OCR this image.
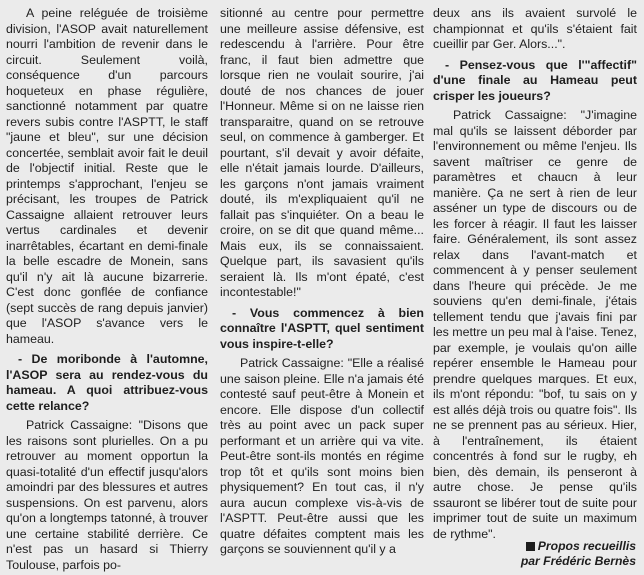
A peine reléguée de troisième division, l'ASOP avait naturellement nourri l'ambition de revenir dans le circuit. Seulement voilà, conséquence d'un parcours hoqueteux en phase régulière, sanctionné notamment par quatre revers subis contre l'ASPTT, le staff "jaune et bleu", sur une décision concertée, semblait avoir fait le deuil de l'objectif initial. Reste que le printemps s'approchant, l'enjeu se précisant, les troupes de Patrick Cassaigne allaient retrouver leurs vertus cardinales et devenir inarrêtables, écartant en demi-finale la belle escadre de Monein, sans qu'il n'y ait là aucune bizarrerie. C'est donc gonflée de confiance (sept succès de rang depuis janvier) que l'ASOP s'avance vers le hameau.

- De moribonde à l'automne, l'ASOP sera au rendez-vous du hameau. A quoi attribuez-vous cette relance?

Patrick Cassaigne: "Disons que les raisons sont plurielles. On a pu retrouver au moment opportun la quasi-totalité d'un effectif jusqu'alors amoindri par des blessures et autres suspensions. On est parvenu, alors qu'on a longtemps tatonné, à trouver une certaine stabilité derrière. Ce n'est pas un hasard si Thierry Toulouse, parfois po-

sitionné au centre pour permettre une meilleure assise défensive, est redescendu à l'arrière. Pour être franc, il faut bien admettre que lorsque rien ne voulait sourire, j'ai douté de nos chances de jouer l'Honneur. Même si on ne laisse rien transparaitre, quand on se retrouve seul, on commence à gamberger. Et pourtant, s'il devait y avoir défaite, elle n'était jamais lourde. D'ailleurs, les garçons n'ont jamais vraiment douté, ils m'expliquaient qu'il ne fallait pas s'inquiéter. On a beau le croire, on se dit que quand même... Mais eux, ils se connaissaient. Quelque part, ils savasient qu'ils seraient là. Ils m'ont épaté, c'est incontestable!"

- Vous commencez à bien connaître l'ASPTT, quel sentiment vous inspire-t-elle?

Patrick Cassaigne: "Elle a réalisé une saison pleine. Elle n'a jamais été contesté sauf peut-être à Monein et encore. Elle dispose d'un collectif très au point avec un pack super performant et un arrière qui va vite. Peut-être sont-ils montés en régime trop tôt et qu'ils sont moins bien physiquement? En tout cas, il n'y aura aucun complexe vis-à-vis de l'ASPTT. Peut-être aussi que les quatre défaites comptent mais les garçons se souviennent qu'il y a

deux ans ils avaient survolé le championnat et qu'ils s'étaient fait cueillir par Ger. Alors...".

- Pensez-vous que l'"affectif" d'une finale au Hameau peut crisper les joueurs?

Patrick Cassaigne: "J'imagine mal qu'ils se laissent déborder par l'environnement ou même l'enjeu. Ils savent maîtriser ce genre de paramètres et chaucn à leur manière. Ça ne sert à rien de leur asséner un type de discours ou de les forcer à réagir. Il faut les laisser faire. Généralement, ils sont assez relax dans l'avant-match et commencent à y penser seulement dans l'heure qui précède. Je me souviens qu'en demi-finale, j'étais tellement tendu que j'avais fini par les mettre un peu mal à l'aise. Tenez, par exemple, je voulais qu'on aille repérer ensemble le Hameau pour prendre quelques marques. Et eux, ils m'ont répondu: "bof, tu sais on y est allés déjà trois ou quatre fois". Ils ne se prennent pas au sérieux. Hier, à l'entraînement, ils étaient concentrés à fond sur le rugby, eh bien, dès demain, ils penseront à autre chose. Je pense qu'ils ssauront se libérer tout de suite pour imprimer tout de suite un maximum de rythme".

Propos recueillis
par Frédéric Bernès
